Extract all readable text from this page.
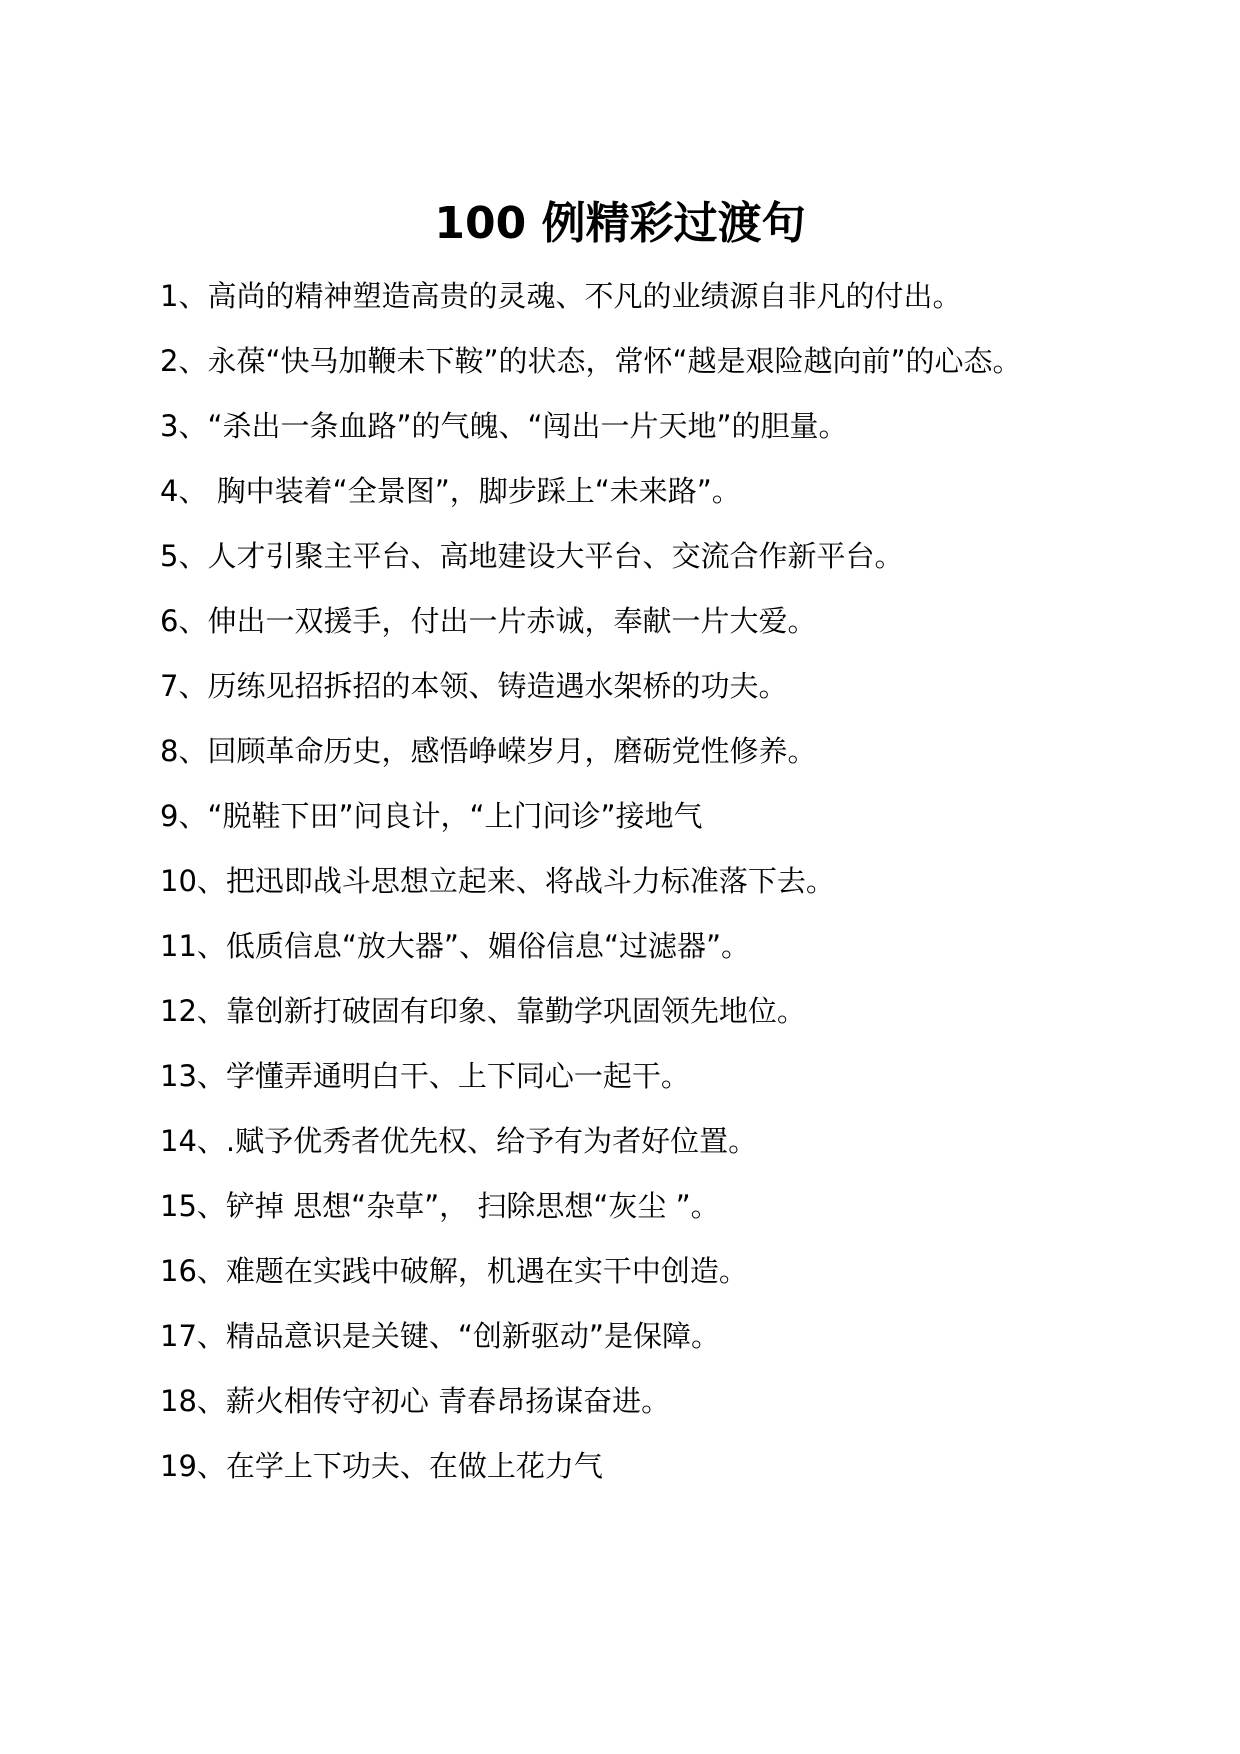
100 例精彩过渡句
1、高尚的精神塑造高贵的灵魂、不凡的业绩源自非凡的付出。
2、永葆“快马加鞭未下鞍”的状态，常怀“越是艰险越向前”的心态。
3、“杀出一条血路”的气魄、“闯出一片天地”的胆量。
4、 胸中装着“全景图”，脚步踩上“未来路”。
5、人才引聚主平台、高地建设大平台、交流合作新平台。
6、伸出一双援手，付出一片赤诚，奉献一片大爱。
7、历练见招拆招的本领、铸造遇水架桥的功夫。
8、回顾革命历史，感悟峥嵘岁月，磨砺党性修养。
9、“脱鞋下田”问良计，“上门问诊”接地气
10、把迅即战斗思想立起来、将战斗力标准落下去。
11、低质信息“放大器”、媚俗信息“过滤器”。
12、靠创新打破固有印象、靠勤学巩固领先地位。
13、学懂弄通明白干、上下同心一起干。
14、.赋予优秀者优先权、给予有为者好位置。
15、铲掉 思想“杂草”， 扫除思想“灰尘 ”。
16、难题在实践中破解，机遇在实干中创造。
17、精品意识是关键、“创新驱动”是保障。
18、薪火相传守初心 青春昂扬谋奋进。
19、在学上下功夫、在做上花力气
